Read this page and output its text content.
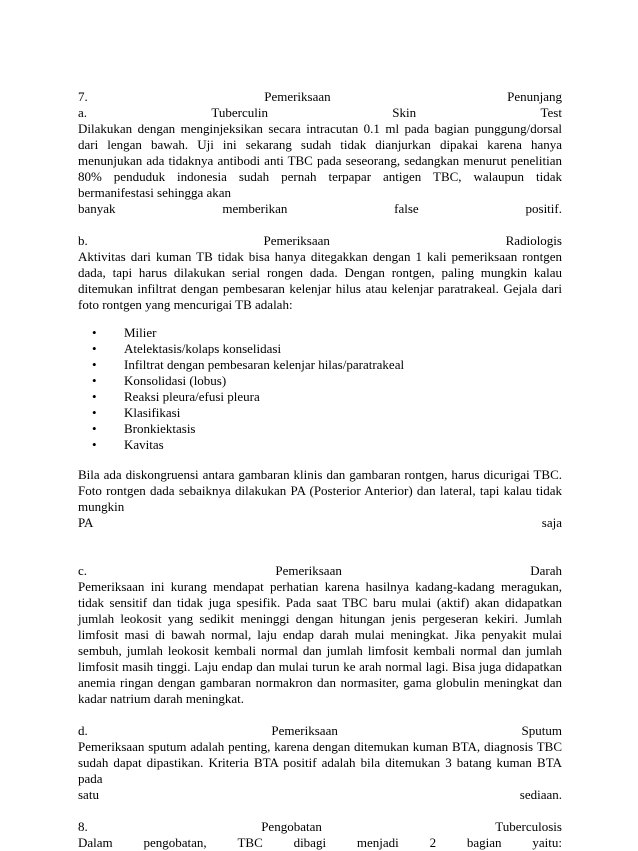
7.	Pemeriksaan	Penunjang
a.	Tuberculin	Skin	Test

Dilakukan dengan menginjeksikan secara intracutan 0.1 ml pada bagian punggung/dorsal dari lengan bawah. Uji ini sekarang sudah tidak dianjurkan dipakai karena hanya menunjukan ada tidaknya antibodi anti TBC pada seseorang, sedangkan menurut penelitian 80% penduduk indonesia sudah pernah terpapar antigen TBC, walaupun tidak bermanifestasi sehingga akan

banyak	memberikan	false	positif.
b.	Pemeriksaan	Radiologis

Aktivitas dari kuman TB tidak bisa hanya ditegakkan dengan 1 kali pemeriksaan rontgen dada, tapi harus dilakukan serial rongen dada. Dengan rontgen, paling mungkin kalau ditemukan infiltrat dengan pembesaran kelenjar hilus atau kelenjar paratrakeal. Gejala dari foto rontgen yang mencurigai TB adalah:

• Milier
• Atelektasis/kolaps konselidasi
• Infiltrat dengan pembesaran kelenjar hilas/paratrakeal
• Konsolidasi (lobus)
• Reaksi pleura/efusi pleura
• Klasifikasi
• Bronkiektasis
• Kavitas

Bila ada diskongruensi antara gambaran klinis dan gambaran rontgen, harus dicurigai TBC. Foto rontgen dada sebaiknya dilakukan PA (Posterior Anterior) dan lateral, tapi kalau tidak mungkin

PA	saja
c.	Pemeriksaan	Darah

Pemeriksaan ini kurang mendapat perhatian karena hasilnya kadang-kadang meragukan, tidak sensitif dan tidak juga spesifik. Pada saat TBC baru mulai (aktif) akan didapatkan jumlah leokosit yang sedikit meninggi dengan hitungan jenis pergeseran kekiri. Jumlah limfosit masi di bawah normal, laju endap darah mulai meningkat. Jika penyakit mulai sembuh, jumlah leokosit kembali normal dan jumlah limfosit kembali normal dan jumlah limfosit masih tinggi. Laju endap dan mulai turun ke arah normal lagi. Bisa juga didapatkan anemia ringan dengan gambaran normakron dan normasiter, gama globulin meningkat dan kadar natrium darah meningkat.

d.	Pemeriksaan	Sputum

Pemeriksaan sputum adalah penting, karena dengan ditemukan kuman BTA, diagnosis TBC sudah dapat dipastikan. Kriteria BTA positif adalah bila ditemukan 3 batang kuman BTA pada

satu	sediaan.
8.	Pengobatan	Tuberculosis
Dalam pengobatan, TBC dibagi menjadi 2 bagian yaitu:
